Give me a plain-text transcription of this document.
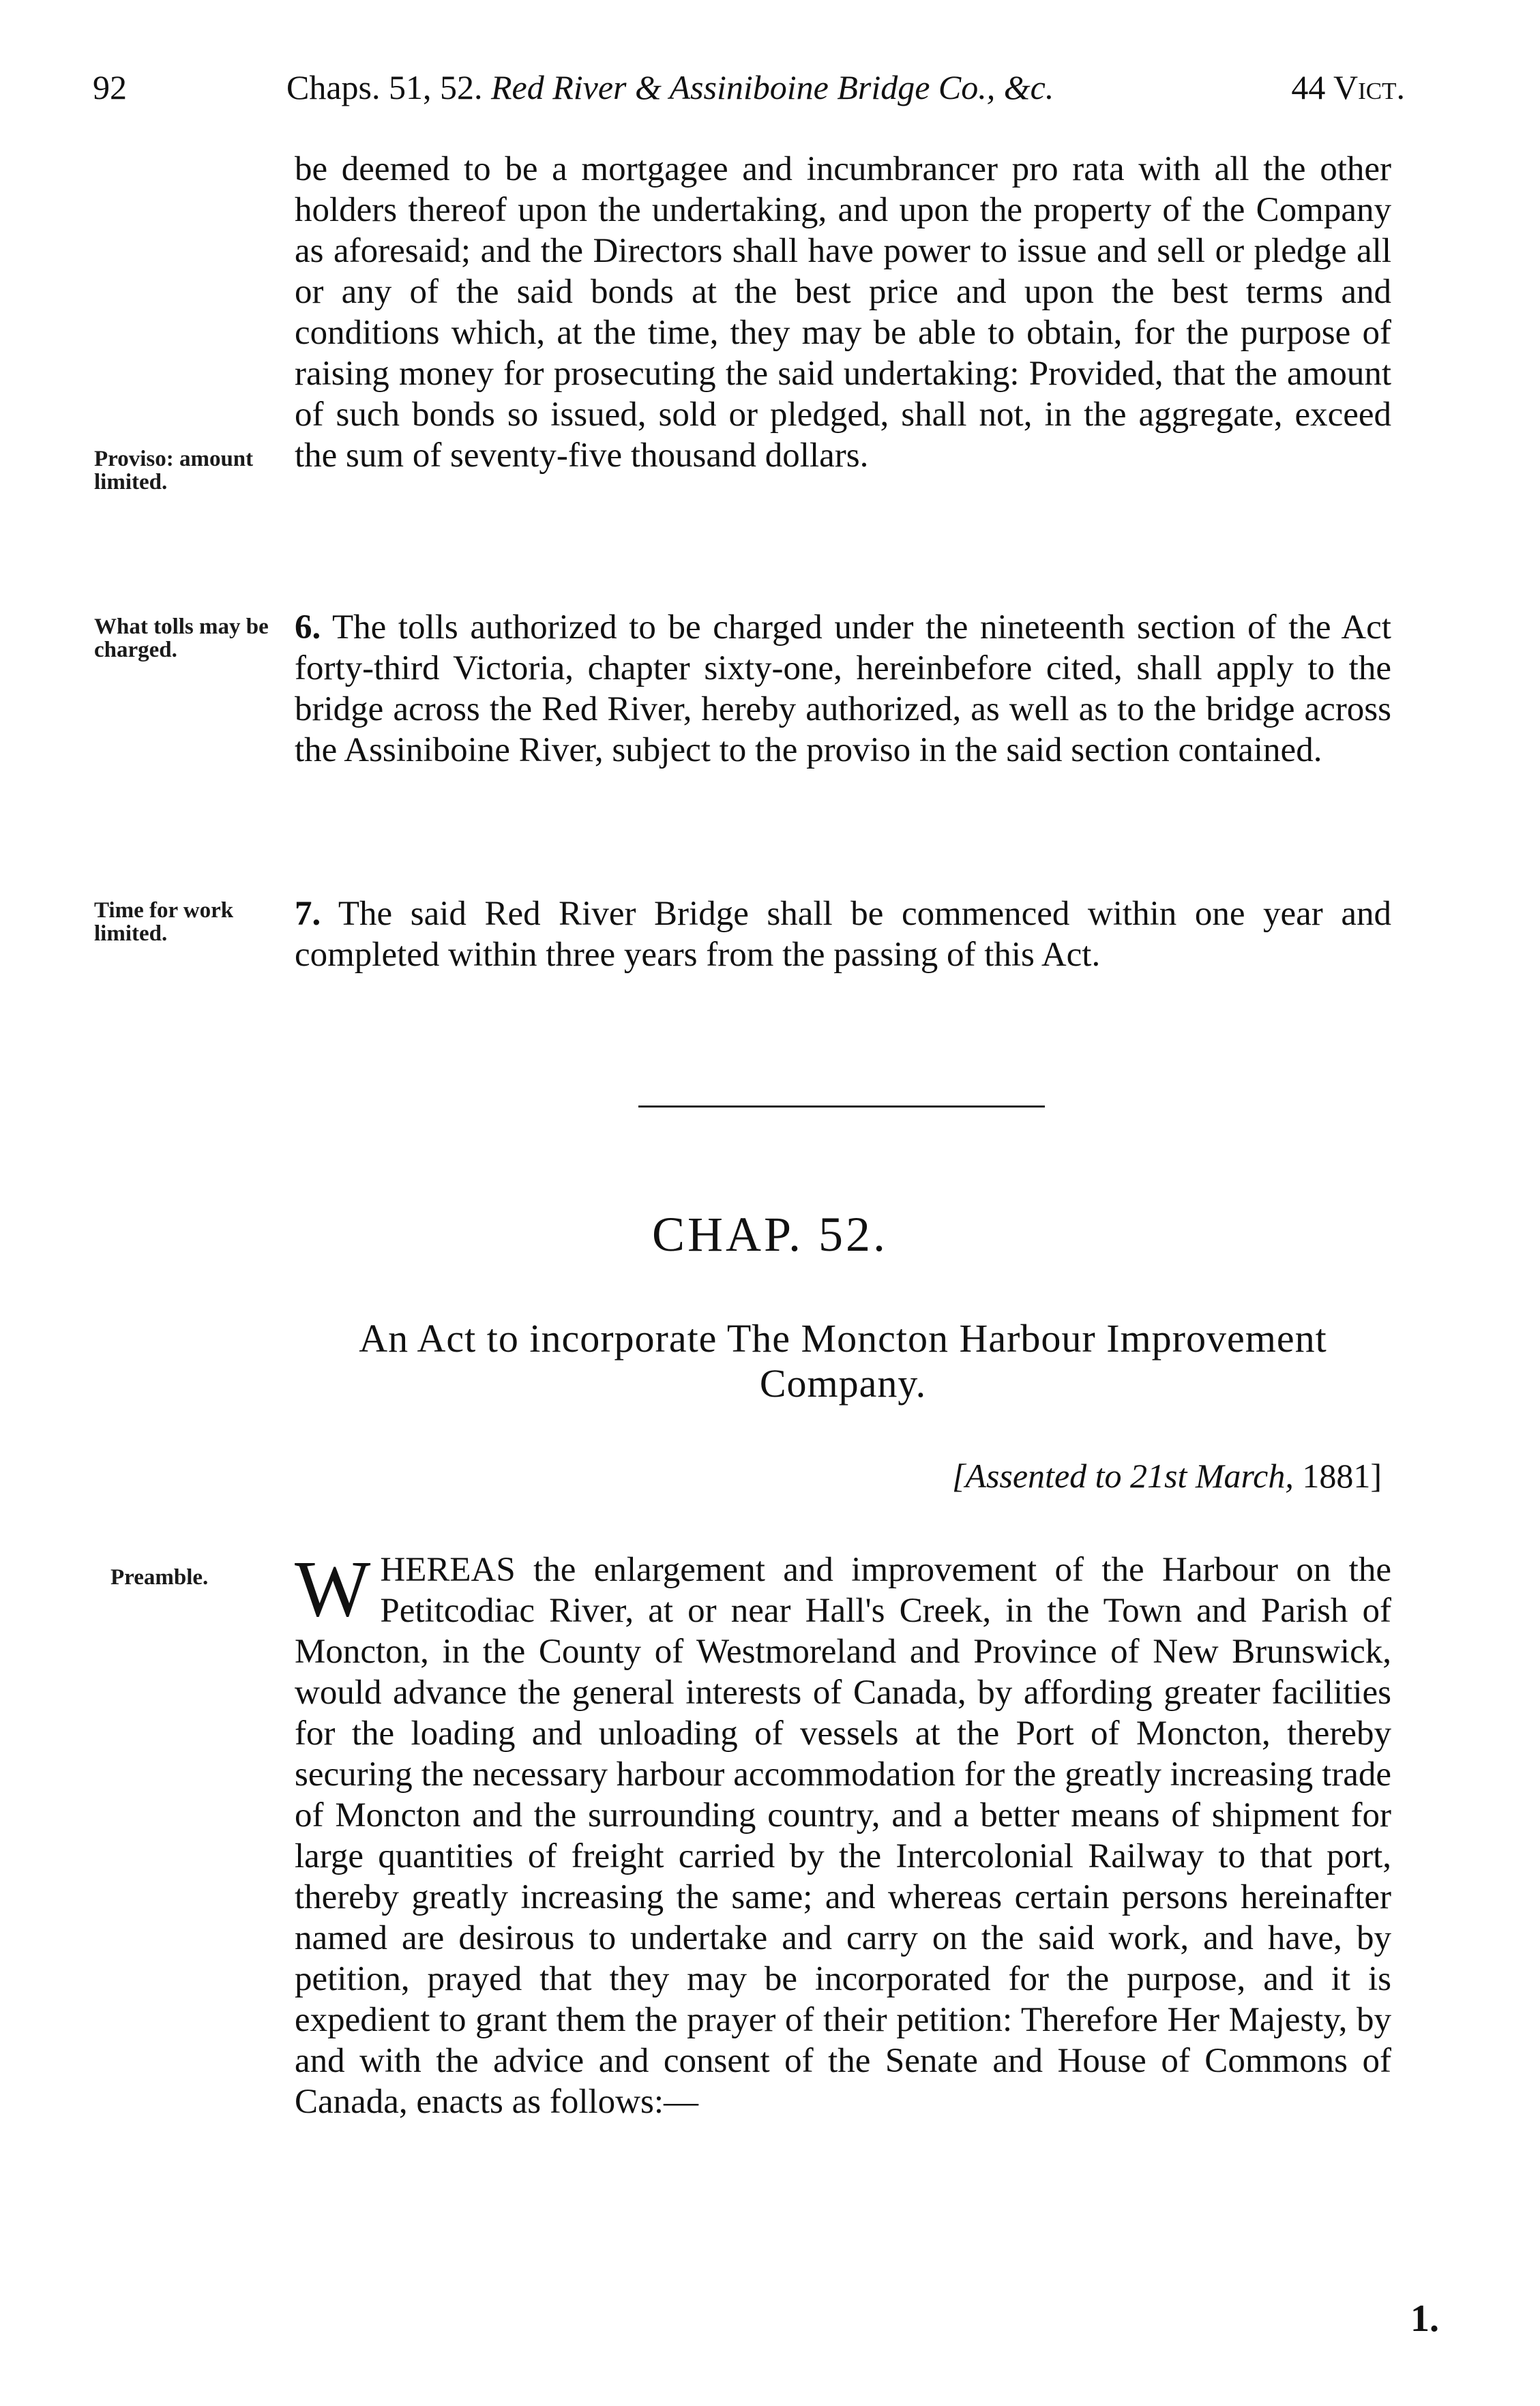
92	Chaps. 51, 52. Red River & Assiniboine Bridge Co., &c.	44 Vict.

be deemed to be a mortgagee and incumbrancer pro rata with all the other holders thereof upon the undertaking, and upon the property of the Company as aforesaid; and the Directors shall have power to issue and sell or pledge all or any of the said bonds at the best price and upon the best terms and conditions which, at the time, they may be able to obtain, for the purpose of raising money for prosecuting the said undertaking: Provided, that the amount of such bonds so issued, sold or pledged, shall not, in the aggregate, exceed the sum of seventy-five thousand dollars.

Proviso: amount limited.
What tolls may be charged.

6. The tolls authorized to be charged under the nineteenth section of the Act forty-third Victoria, chapter sixty-one, hereinbefore cited, shall apply to the bridge across the Red River, hereby authorized, as well as to the bridge across the Assiniboine River, subject to the proviso in the said section contained.

Time for work limited.

7. The said Red River Bridge shall be commenced within one year and completed within three years from the passing of this Act.

CHAP. 52.
An Act to incorporate The Moncton Harbour Improvement Company.
[Assented to 21st March, 1881]
Preamble.	W HEREAS the enlargement and improvement of the Harbour on the Petitcodiac River, at or near Hall's Creek, in the Town and Parish of Moncton, in the County of Westmoreland and Province of New Brunswick, would advance the general interests of Canada, by affording greater facilities for the loading and unloading of vessels at the Port of Moncton, thereby securing the necessary harbour accommodation for the greatly increasing trade of Moncton and the surrounding country, and a better means of shipment for large quantities of freight carried by the Intercolonial Railway to that port, thereby greatly increasing the same; and whereas certain persons hereinafter named are desirous to undertake and carry on the said work, and have, by petition, prayed that they may be incorporated for the purpose, and it is expedient to grant them the prayer of their petition: Therefore Her Majesty, by and with the advice and consent of the Senate and House of Commons of Canada, enacts as follows:—

1.
